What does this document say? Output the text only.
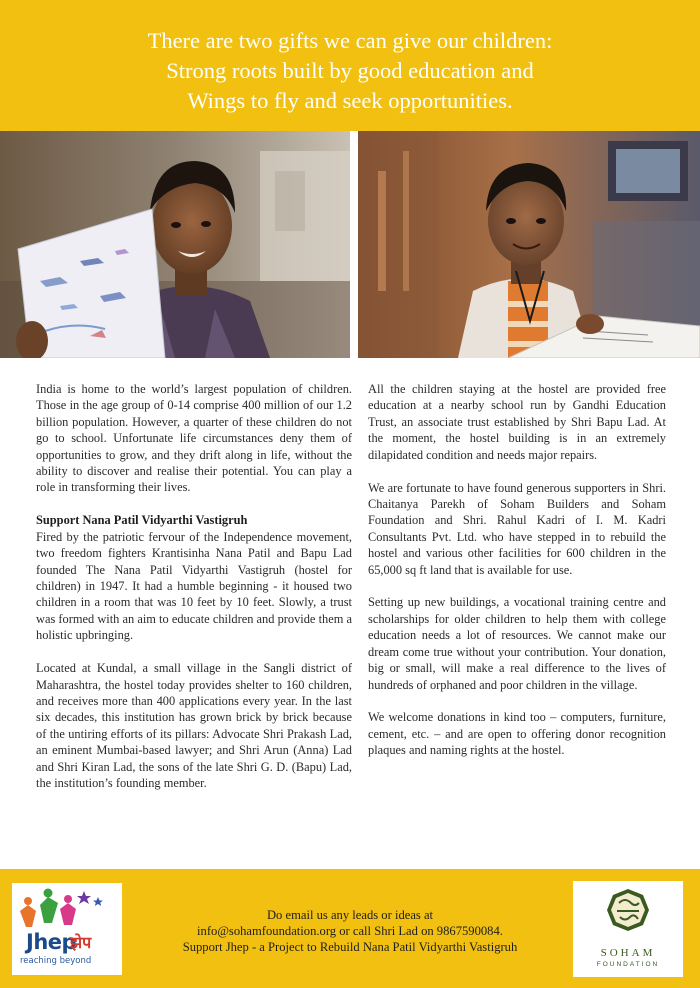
There are two gifts we can give our children:
Strong roots built by good education and
Wings to fly and seek opportunities.

India is home to the world’s largest population of children. Those in the age group of 0-14 comprise 400 million of our 1.2 billion population. However, a quarter of these children do not go to school. Unfortunate life circumstances deny them of opportunities to grow, and they drift along in life, without the ability to discover and realise their potential. You can play a role in transforming their lives.

Support Nana Patil Vidyarthi Vastigruh

Fired by the patriotic fervour of the Independence movement, two freedom fighters Krantisinha Nana Patil and Bapu Lad founded The Nana Patil Vidyarthi Vastigruh (hostel for children) in 1947. It had a humble beginning - it housed two children in a room that was 10 feet by 10 feet. Slowly, a trust was formed with an aim to educate children and provide them a holistic upbringing.

Located at Kundal, a small village in the Sangli district of Maharashtra, the hostel today provides shelter to 160 children, and receives more than 400 applications every year. In the last six decades, this institution has grown brick by brick because of the untiring efforts of its pillars: Advocate Shri Prakash Lad, an eminent Mumbai-based lawyer; and Shri Arun (Anna) Lad and Shri Kiran Lad, the sons of the late Shri G. D. (Bapu) Lad, the institution’s founding member.

All the children staying at the hostel are provided free education at a nearby school run by Gandhi Education Trust, an associate trust established by Shri Bapu Lad. At the moment, the hostel building is in an extremely dilapidated condition and needs major repairs.

We are fortunate to have found generous supporters in Shri. Chaitanya Parekh of Soham Builders and Soham Foundation and Shri. Rahul Kadri of I. M. Kadri Consultants Pvt. Ltd. who have stepped in to rebuild the hostel and various other facilities for 600 children in the 65,000 sq ft land that is available for use.

Setting up new buildings, a vocational training centre and scholarships for older children to help them with college education needs a lot of resources. We cannot make our dream come true without your contribution. Your donation, big or small, will make a real difference to the lives of hundreds of orphaned and poor children in the village.

We welcome donations in kind too – computers, furniture, cement, etc. – and are open to offering donor recognition plaques and naming rights at the hostel.

Jhep
झेप
reaching beyond
Do email us any leads or ideas at
info@sohamfoundation.org or call Shri Lad on 9867590084.
Support Jhep - a Project to Rebuild Nana Patil Vidyarthi Vastigruh	SOHAM
FOUNDATION
